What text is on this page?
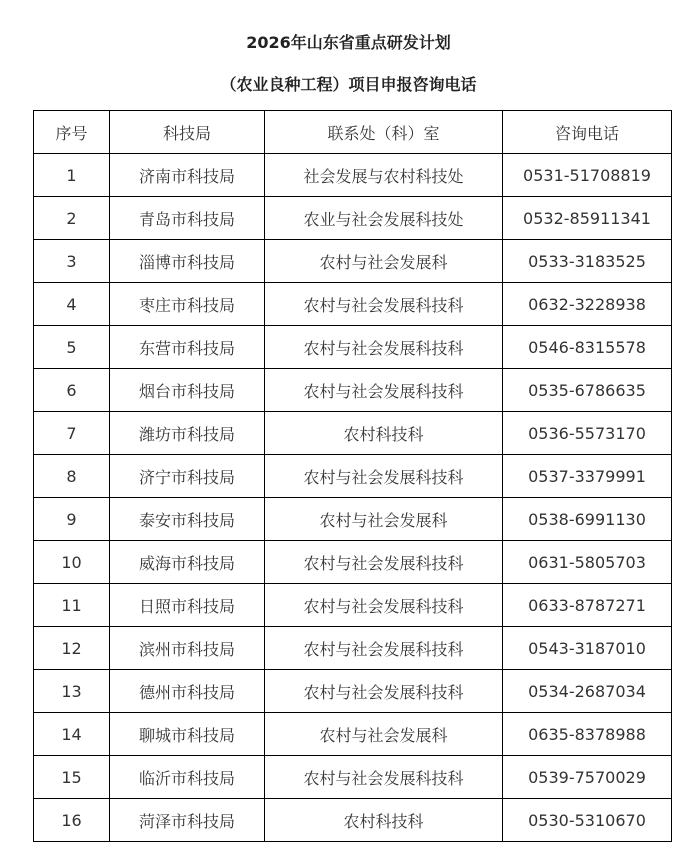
2026年山东省重点研发计划
（农业良种工程）项目申报咨询电话
序号	科技局	联系处（科）室	咨询电话
1	济南市科技局	社会发展与农村科技处	0531-51708819
2	青岛市科技局	农业与社会发展科技处	0532-85911341
3	淄博市科技局	农村与社会发展科	0533-3183525
4	枣庄市科技局	农村与社会发展科技科	0632-3228938
5	东营市科技局	农村与社会发展科技科	0546-8315578
6	烟台市科技局	农村与社会发展科技科	0535-6786635
7	潍坊市科技局	农村科技科	0536-5573170
8	济宁市科技局	农村与社会发展科技科	0537-3379991
9	泰安市科技局	农村与社会发展科	0538-6991130
10	威海市科技局	农村与社会发展科技科	0631-5805703
11	日照市科技局	农村与社会发展科技科	0633-8787271
12	滨州市科技局	农村与社会发展科技科	0543-3187010
13	德州市科技局	农村与社会发展科技科	0534-2687034
14	聊城市科技局	农村与社会发展科	0635-8378988
15	临沂市科技局	农村与社会发展科技科	0539-7570029
16	菏泽市科技局	农村科技科	0530-5310670
